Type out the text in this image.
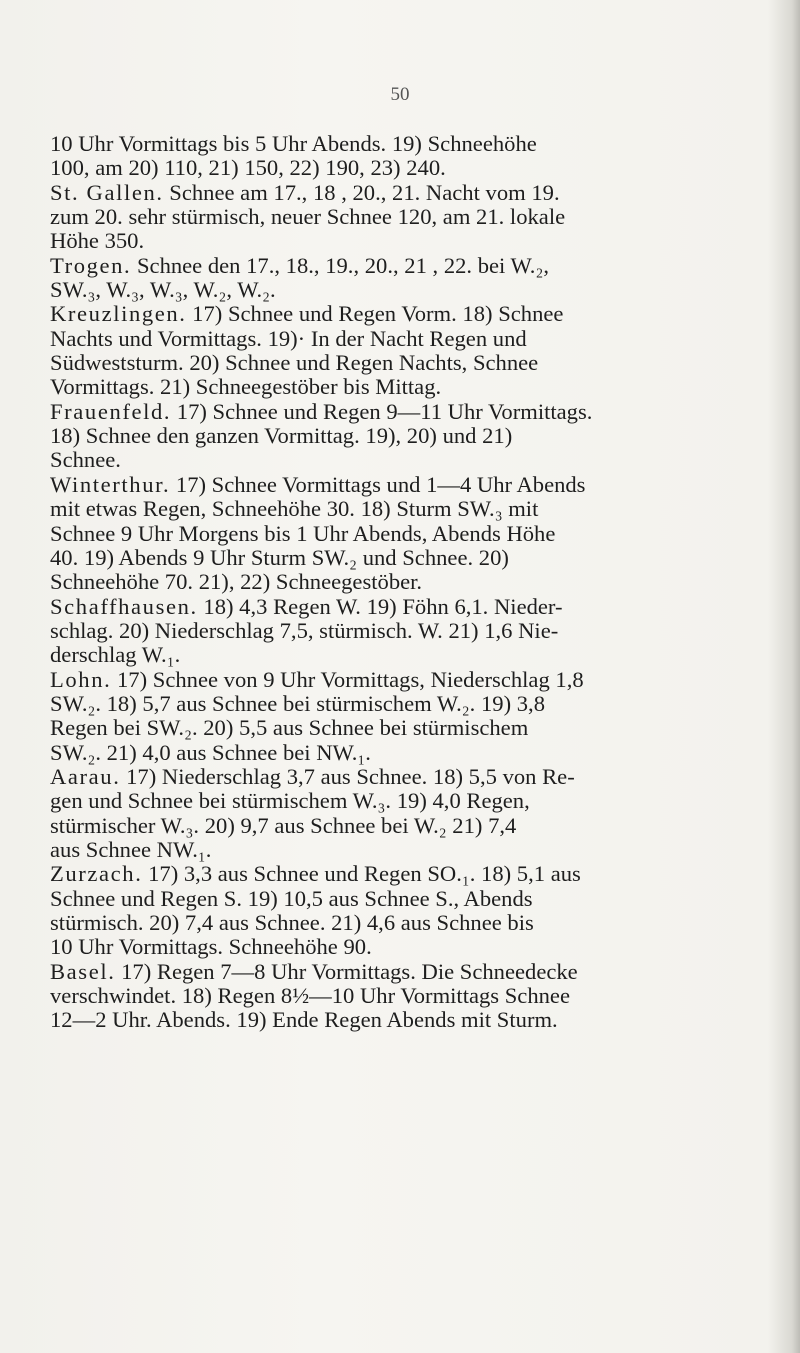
50

10 Uhr Vormittags bis 5 Uhr Abends. 19) Schneehöhe
100, am 20) 110, 21) 150, 22) 190, 23) 240.

St. Gallen. Schnee am 17., 18 , 20., 21. Nacht vom 19.
zum 20. sehr stürmisch, neuer Schnee 120, am 21. lokale
Höhe 350.

Trogen. Schnee den 17., 18., 19., 20., 21 , 22. bei W.₂,
SW.₃, W.₃, W.₃, W.₂, W.₂.

Kreuzlingen. 17) Schnee und Regen Vorm. 18) Schnee
Nachts und Vormittags. 19)· In der Nacht Regen und
Südweststurm. 20) Schnee und Regen Nachts, Schnee
Vormittags. 21) Schneegestöber bis Mittag.

Frauenfeld. 17) Schnee und Regen 9—11 Uhr Vormittags.
18) Schnee den ganzen Vormittag. 19), 20) und 21)
Schnee.

Winterthur. 17) Schnee Vormittags und 1—4 Uhr Abends
mit etwas Regen, Schneehöhe 30. 18) Sturm SW.₃ mit
Schnee 9 Uhr Morgens bis 1 Uhr Abends, Abends Höhe
40. 19) Abends 9 Uhr Sturm SW.₂ und Schnee. 20)
Schneehöhe 70. 21), 22) Schneegestöber.

Schaffhausen. 18) 4,3 Regen W. 19) Föhn 6,1. Nieder-
schlag. 20) Niederschlag 7,5, stürmisch. W. 21) 1,6 Nie-
derschlag W.₁.

Lohn. 17) Schnee von 9 Uhr Vormittags, Niederschlag 1,8
SW.₂. 18) 5,7 aus Schnee bei stürmischem W.₂. 19) 3,8
Regen bei SW.₂. 20) 5,5 aus Schnee bei stürmischem
SW.₂. 21) 4,0 aus Schnee bei NW.₁.

Aarau. 17) Niederschlag 3,7 aus Schnee. 18) 5,5 von Re-
gen und Schnee bei stürmischem W.₃. 19) 4,0 Regen,
stürmischer W.₃. 20) 9,7 aus Schnee bei W.₂ 21) 7,4
aus Schnee NW.₁.

Zurzach. 17) 3,3 aus Schnee und Regen SO.₁. 18) 5,1 aus
Schnee und Regen S. 19) 10,5 aus Schnee S., Abends
stürmisch. 20) 7,4 aus Schnee. 21) 4,6 aus Schnee bis
10 Uhr Vormittags. Schneehöhe 90.

Basel. 17) Regen 7—8 Uhr Vormittags. Die Schneedecke
verschwindet. 18) Regen 8½—10 Uhr Vormittags Schnee
12—2 Uhr. Abends. 19) Ende Regen Abends mit Sturm.
